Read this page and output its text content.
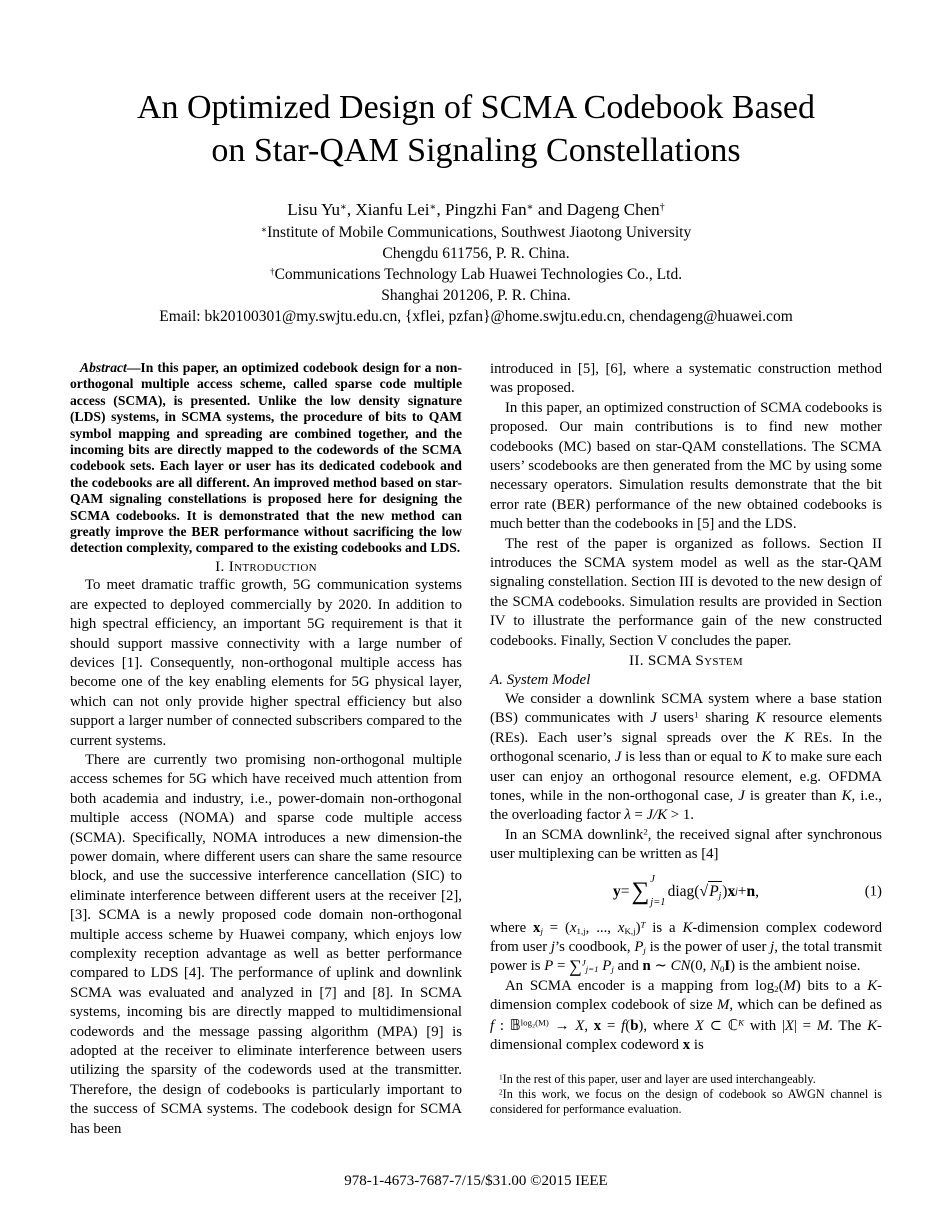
An Optimized Design of SCMA Codebook Based
on Star-QAM Signaling Constellations
Lisu Yu∗, Xianfu Lei∗, Pingzhi Fan∗ and Dageng Chen†
∗Institute of Mobile Communications, Southwest Jiaotong University
Chengdu 611756, P. R. China.
†Communications Technology Lab Huawei Technologies Co., Ltd.
Shanghai 201206, P. R. China.
Email: bk20100301@my.swjtu.edu.cn, {xflei, pzfan}@home.swjtu.edu.cn, chendageng@huawei.com

Abstract—In this paper, an optimized codebook design for a non-orthogonal multiple access scheme, called sparse code multiple access (SCMA), is presented. Unlike the low density signature (LDS) systems, in SCMA systems, the procedure of bits to QAM symbol mapping and spreading are combined together, and the incoming bits are directly mapped to the codewords of the SCMA codebook sets. Each layer or user has its dedicated codebook and the codebooks are all different. An improved method based on star-QAM signaling constellations is proposed here for designing the SCMA codebooks. It is demonstrated that the new method can greatly improve the BER performance without sacrificing the low detection complexity, compared to the existing codebooks and LDS.

I. Introduction

To meet dramatic traffic growth, 5G communication systems are expected to deployed commercially by 2020. In addition to high spectral efficiency, an important 5G requirement is that it should support massive connectivity with a large number of devices [1]. Consequently, non-orthogonal multiple access has become one of the key enabling elements for 5G physical layer, which can not only provide higher spectral efficiency but also support a larger number of connected subscribers compared to the current systems.

There are currently two promising non-orthogonal multiple access schemes for 5G which have received much attention from both academia and industry, i.e., power-domain non-orthogonal multiple access (NOMA) and sparse code multiple access (SCMA). Specifically, NOMA introduces a new dimension-the power domain, where different users can share the same resource block, and use the successive interference cancellation (SIC) to eliminate interference between different users at the receiver [2], [3]. SCMA is a newly proposed code domain non-orthogonal multiple access scheme by Huawei company, which enjoys low complexity reception advantage as well as better performance compared to LDS [4]. The performance of uplink and downlink SCMA was evaluated and analyzed in [7] and [8]. In SCMA systems, incoming bis are directly mapped to multidimensional codewords and the message passing algorithm (MPA) [9] is adopted at the receiver to eliminate interference between users utilizing the sparsity of the codewords used at the transmitter. Therefore, the design of codebooks is particularly important to the success of SCMA systems. The codebook design for SCMA has been

introduced in [5], [6], where a systematic construction method was proposed.

In this paper, an optimized construction of SCMA codebooks is proposed. Our main contributions is to find new mother codebooks (MC) based on star-QAM constellations. The SCMA users’ scodebooks are then generated from the MC by using some necessary operators. Simulation results demonstrate that the bit error rate (BER) performance of the new obtained codebooks is much better than the codebooks in [5] and the LDS.

The rest of the paper is organized as follows. Section II introduces the SCMA system model as well as the star-QAM signaling constellation. Section III is devoted to the new design of the SCMA codebooks. Simulation results are provided in Section IV to illustrate the performance gain of the new constructed codebooks. Finally, Section V concludes the paper.

II. SCMA System

A. System Model

We consider a downlink SCMA system where a base station (BS) communicates with J users$^1$ sharing K resource elements (REs). Each user’s signal spreads over the K REs. In the orthogonal scenario, J is less than or equal to K to make sure each user can enjoy an orthogonal resource element, e.g. OFDMA tones, while in the non-orthogonal case, J is greater than K, i.e., the overloading factor λ = J/K > 1.

In an SCMA downlink$^2$, the received signal after synchronous user multiplexing can be written as [4]

y = ∑ J
j=1
diag( √ $P_j$ ) x j + n ,	(1)

where $x_j = (x_{1,j}$, ..., $x_{K,j})^T$ is a K-dimension complex codeword from user j’s coodbook, $P_j$ is the power of user j, the total transmit power is P = ∑$^J_{j=1}$ $P_j$ and n ∼ CN(0, $N_0I$) is the ambient noise.

An SCMA encoder is a mapping from $\log_2(M)$ bits to a K-dimension complex codebook of size M, which can be defined as f : 𝔹$^{log_2(M)}$ → X, x = f(b), where X ⊂ ℂ$^K$ with |X| = M. The K-dimensional complex codeword x is

$^1$In the rest of this paper, user and layer are used interchangeably.

$^2$In this work, we focus on the design of codebook so AWGN channel is considered for performance evaluation.

978-1-4673-7687-7/15/$31.00 ©2015 IEEE
